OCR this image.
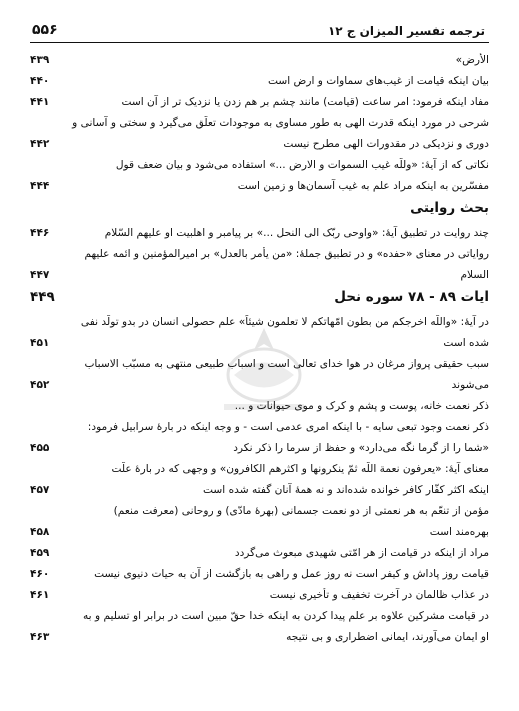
۵۵۶	ترجمه تفسیر المیزان ج ۱۲
الأرض»
۴۳۹
بیان اینکه قیامت از غیب‌های سماوات و ارض است
۴۴۰
مفاد اینکه فرمود: امر ساعت (قیامت) مانند چشم بر هم زدن یا نزدیک تر از آن است
۴۴۱
شرحی در مورد اینکه قدرت الهی به طور مساوی به موجودات تعلّق می‌گیرد و سختی و آسانی و
دوری و نزدیکی در مقدورات الهی مطرح نیست
۴۴۲
نکاتی که از آیهٔ: «وللّه غیب السموات و الارض ...» استفاده می‌شود و بیان ضعف قول
مفسّرین به اینکه مراد علم به غیب آسمان‌ها و زمین است
۴۴۴
بحث روایتی
چند روایت در تطبیق آیهٔ: «واوحی ربّک الی النحل ...» بر پیامبر و اهلبیت او علیهم السّلام
۴۴۶
روایاتی در معنای «حفده» و در تطبیق جملهٔ: «من یأمر بالعدل» بر امیرالمؤمنین و ائمه علیهم
السلام
۴۴۷
آیات ۸۹ - ۷۸ سوره نحل
۴۴۹
در آیهٔ: «واللّه اخرجکم من بطون امّهاتکم لا تعلمون شیئاً» علم حصولی انسان در بدو تولّد نفی
شده است
۴۵۱
سبب حقیقی پرواز مرغان در هوا خدای تعالی است و اسباب طبیعی منتهی به مسبّب الاسباب
می‌شوند
۴۵۲
ذکر نعمت خانه، پوست و پشم و کرک و موی حیوانات و ...
ذکر نعمت وجود تبعی سایه - با اینکه امری عدمی است - و وجه اینکه در بارهٔ سرابیل فرمود:
«شما را از گرما نگه می‌دارد» و حفظ از سرما را ذکر نکرد
۴۵۵
معنای آیهٔ: «یعرفون نعمة اللّه ثمّ ینکرونها و اکثرهم الکافرون» و وجهی که در بارهٔ علّت
اینکه اکثر کفّار کافر خوانده شده‌اند و نه همهٔ آنان گفته شده است
۴۵۷
مؤمن از تنعّم به هر نعمتی از دو نعمت جسمانی (بهرهٔ مادّی) و روحانی (معرفت منعم)
بهره‌مند است
۴۵۸
مراد از اینکه در قیامت از هر امّتی شهیدی مبعوث می‌گردد
۴۵۹
قیامت روز پاداش و کیفر است نه روز عمل و راهی به بازگشت از آن به حیات دنیوی نیست
۴۶۰
در عذاب ظالمان در آخرت تخفیف و تأخیری نیست
۴۶۱
در قیامت مشرکین علاوه بر علم پیدا کردن به اینکه خدا حقّ مبین است در برابر او تسلیم و به
او ایمان می‌آورند، ایمانی اضطراری و بی نتیجه
۴۶۳
